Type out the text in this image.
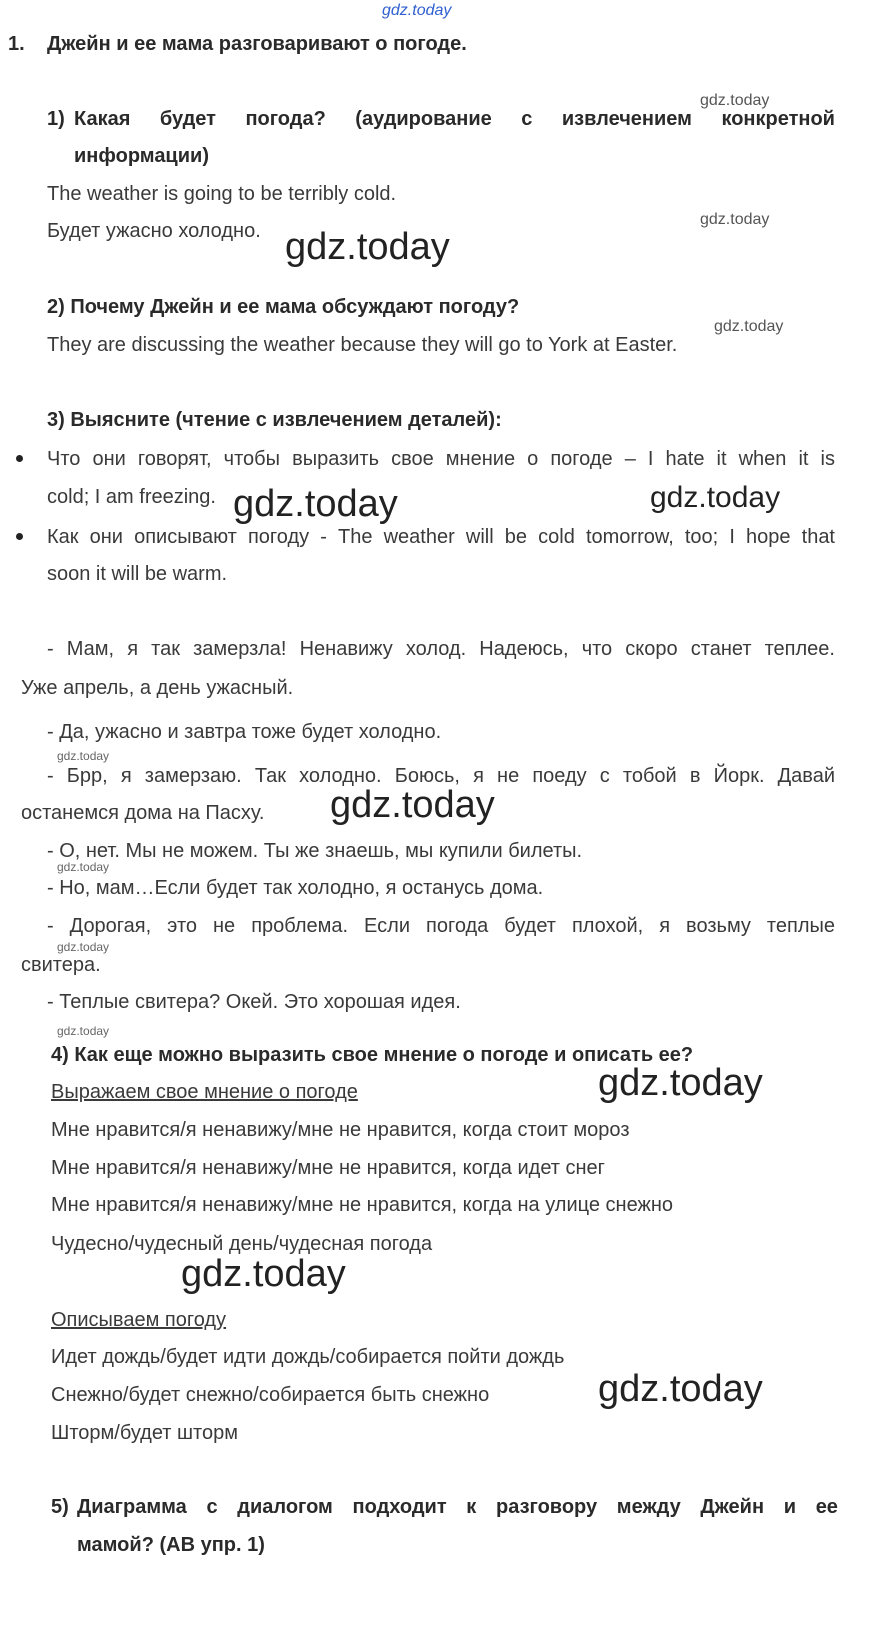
gdz.today
1. Джейн и ее мама разговаривают о погоде.
1) Какая будет погода? (аудирование с извлечением конкретной
информации)
The weather is going to be terribly cold.
Будет ужасно холодно.
2) Почему Джейн и ее мама обсуждают погоду?
They are discussing the weather because they will go to York at Easter.
3) Выясните (чтение с извлечением деталей):
Что они говорят, чтобы выразить свое мнение о погоде – I hate it when it is
cold; I am freezing.
Как они описывают погоду - The weather will be cold tomorrow, too; I hope that
soon it will be warm.
- Мам, я так замерзла! Ненавижу холод. Надеюсь, что скоро станет теплее.
Уже апрель, а день ужасный.
- Да, ужасно и завтра тоже будет холодно.
- Брр, я замерзаю. Так холодно. Боюсь, я не поеду с тобой в Йорк. Давай
останемся дома на Пасху.
- О, нет. Мы не можем. Ты же знаешь, мы купили билеты.
- Но, мам…Если будет так холодно, я останусь дома.
- Дорогая, это не проблема. Если погода будет плохой, я возьму теплые
свитера.
- Теплые свитера? Окей. Это хорошая идея.
4) Как еще можно выразить свое мнение о погоде и описать ее?
Выражаем свое мнение о погоде
Мне нравится/я ненавижу/мне не нравится, когда стоит мороз
Мне нравится/я ненавижу/мне не нравится, когда идет снег
Мне нравится/я ненавижу/мне не нравится, когда на улице снежно
Чудесно/чудесный день/чудесная погода
Описываем погоду
Идет дождь/будет идти дождь/собирается пойти дождь
Снежно/будет снежно/собирается быть снежно
Шторм/будет шторм
5) Диаграмма с диалогом подходит к разговору между Джейн и ее
мамой? (АВ упр. 1)
gdz.today
gdz.today
gdz.today
gdz.today
gdz.today	gdz.today
gdz.today
gdz.today
gdz.today
gdz.today
gdz.today
gdz.today
gdz.today
gdz.today
